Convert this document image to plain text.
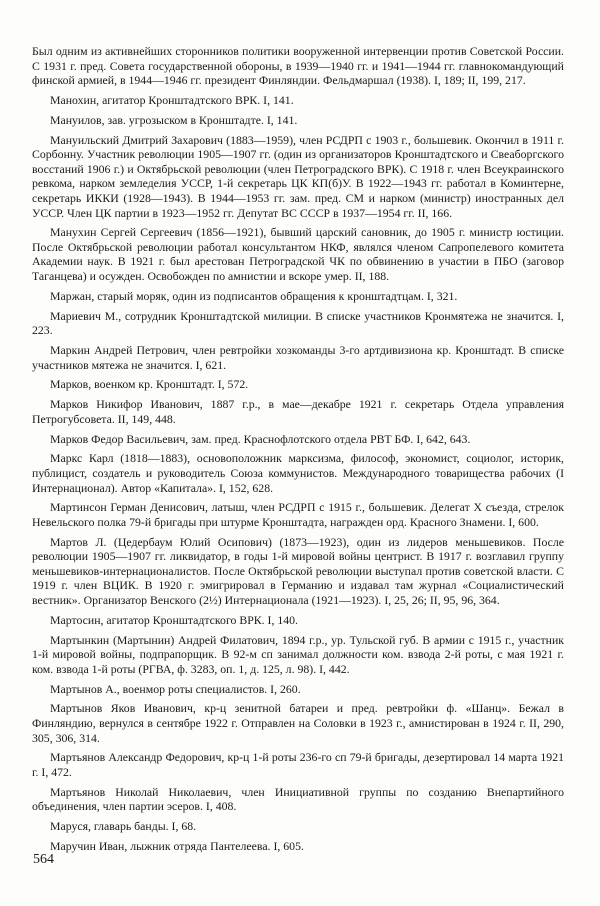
Был одним из активнейших сторонников политики вооруженной интервенции против Советской России. С 1931 г. пред. Совета государственной обороны, в 1939—1940 гг. и 1941—1944 гг. главнокомандующий финской армией, в 1944—1946 гг. президент Финляндии. Фельдмаршал (1938). I, 189; II, 199, 217.

Манохин, агитатор Кронштадтского ВРК. I, 141.

Мануилов, зав. угрозыском в Кронштадте. I, 141.

Мануильский Дмитрий Захарович (1883—1959), член РСДРП с 1903 г., большевик. Окончил в 1911 г. Сорбонну. Участник революции 1905—1907 гг. (один из организаторов Кронштадтского и Свеаборгского восстаний 1906 г.) и Октябрьской революции (член Петроградского ВРК). С 1918 г. член Всеукраинского ревкома, нарком земледелия УССР, 1-й секретарь ЦК КП(б)У. В 1922—1943 гг. работал в Коминтерне, секретарь ИККИ (1928—1943). В 1944—1953 гг. зам. пред. СМ и нарком (министр) иностранных дел УССР. Член ЦК партии в 1923—1952 гг. Депутат ВС СССР в 1937—1954 гг. II, 166.

Манухин Сергей Сергеевич (1856—1921), бывший царский сановник, до 1905 г. министр юстиции. После Октябрьской революции работал консультантом НКФ, являлся членом Сапропелевого комитета Академии наук. В 1921 г. был арестован Петроградской ЧК по обвинению в участии в ПБО (заговор Таганцева) и осужден. Освобожден по амнистии и вскоре умер. II, 188.

Маржан, старый моряк, один из подписантов обращения к кронштадтцам. I, 321.

Мариевич М., сотрудник Кронштадтской милиции. В списке участников Кронмятежа не значится. I, 223.

Маркин Андрей Петрович, член ревтройки хозкоманды 3-го артдивизиона кр. Кронштадт. В списке участников мятежа не значится. I, 621.

Марков, военком кр. Кронштадт. I, 572.

Марков Никифор Иванович, 1887 г.р., в мае—декабре 1921 г. секретарь Отдела управления Петрогубсовета. II, 149, 448.

Марков Федор Васильевич, зам. пред. Краснофлотского отдела РВТ БФ. I, 642, 643.

Маркс Карл (1818—1883), основоположник марксизма, философ, экономист, социолог, историк, публицист, создатель и руководитель Союза коммунистов. Международного товарищества рабочих (I Интернационал). Автор «Капитала». I, 152, 628.

Мартинсон Герман Денисович, латыш, член РСДРП с 1915 г., большевик. Делегат X съезда, стрелок Невельского полка 79-й бригады при штурме Кронштадта, награжден орд. Красного Знамени. I, 600.

Мартов Л. (Цедербаум Юлий Осипович) (1873—1923), один из лидеров меньшевиков. После революции 1905—1907 гг. ликвидатор, в годы 1-й мировой войны центрист. В 1917 г. возглавил группу меньшевиков-интернационалистов. После Октябрьской революции выступал против советской власти. С 1919 г. член ВЦИК. В 1920 г. эмигрировал в Германию и издавал там журнал «Социалистический вестник». Организатор Венского (2½) Интернационала (1921—1923). I, 25, 26; II, 95, 96, 364.

Мартосин, агитатор Кронштадтского ВРК. I, 140.

Мартынкин (Мартынин) Андрей Филатович, 1894 г.р., ур. Тульской губ. В армии с 1915 г., участник 1-й мировой войны, подпрапорщик. В 92-м сп занимал должности ком. взвода 2-й роты, с мая 1921 г. ком. взвода 1-й роты (РГВА, ф. 3283, оп. 1, д. 125, л. 98). I, 442.

Мартынов А., военмор роты специалистов. I, 260.

Мартынов Яков Иванович, кр-ц зенитной батареи и пред. ревтройки ф. «Шанц». Бежал в Финляндию, вернулся в сентябре 1922 г. Отправлен на Соловки в 1923 г., амнистирован в 1924 г. II, 290, 305, 306, 314.

Мартьянов Александр Федорович, кр-ц 1-й роты 236-го сп 79-й бригады, дезертировал 14 марта 1921 г. I, 472.

Мартьянов Николай Николаевич, член Инициативной группы по созданию Внепартийного объединения, член партии эсеров. I, 408.

Маруся, главарь банды. I, 68.

Маручин Иван, лыжник отряда Пантелеева. I, 605.

564
